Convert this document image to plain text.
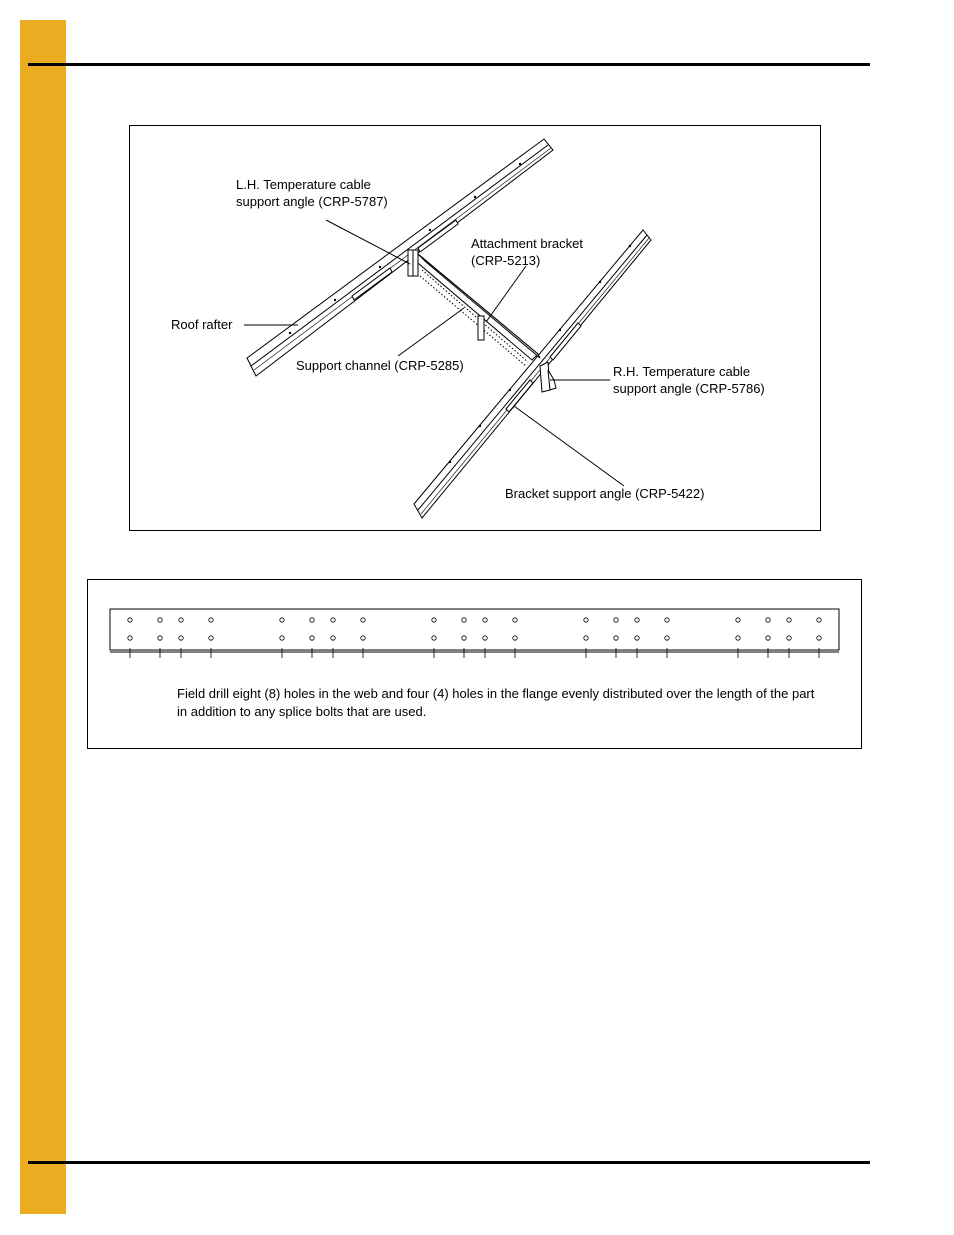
L.H. Temperature cable
support angle (CRP-5787)
Attachment bracket
(CRP-5213)
Roof rafter
Support channel (CRP-5285)	R.H. Temperature cable
support angle (CRP-5786)
Bracket support angle (CRP-5422)
Field drill eight (8) holes in the web and four (4) holes in the flange evenly distributed over the length of the part in addition to any splice bolts that are used.
